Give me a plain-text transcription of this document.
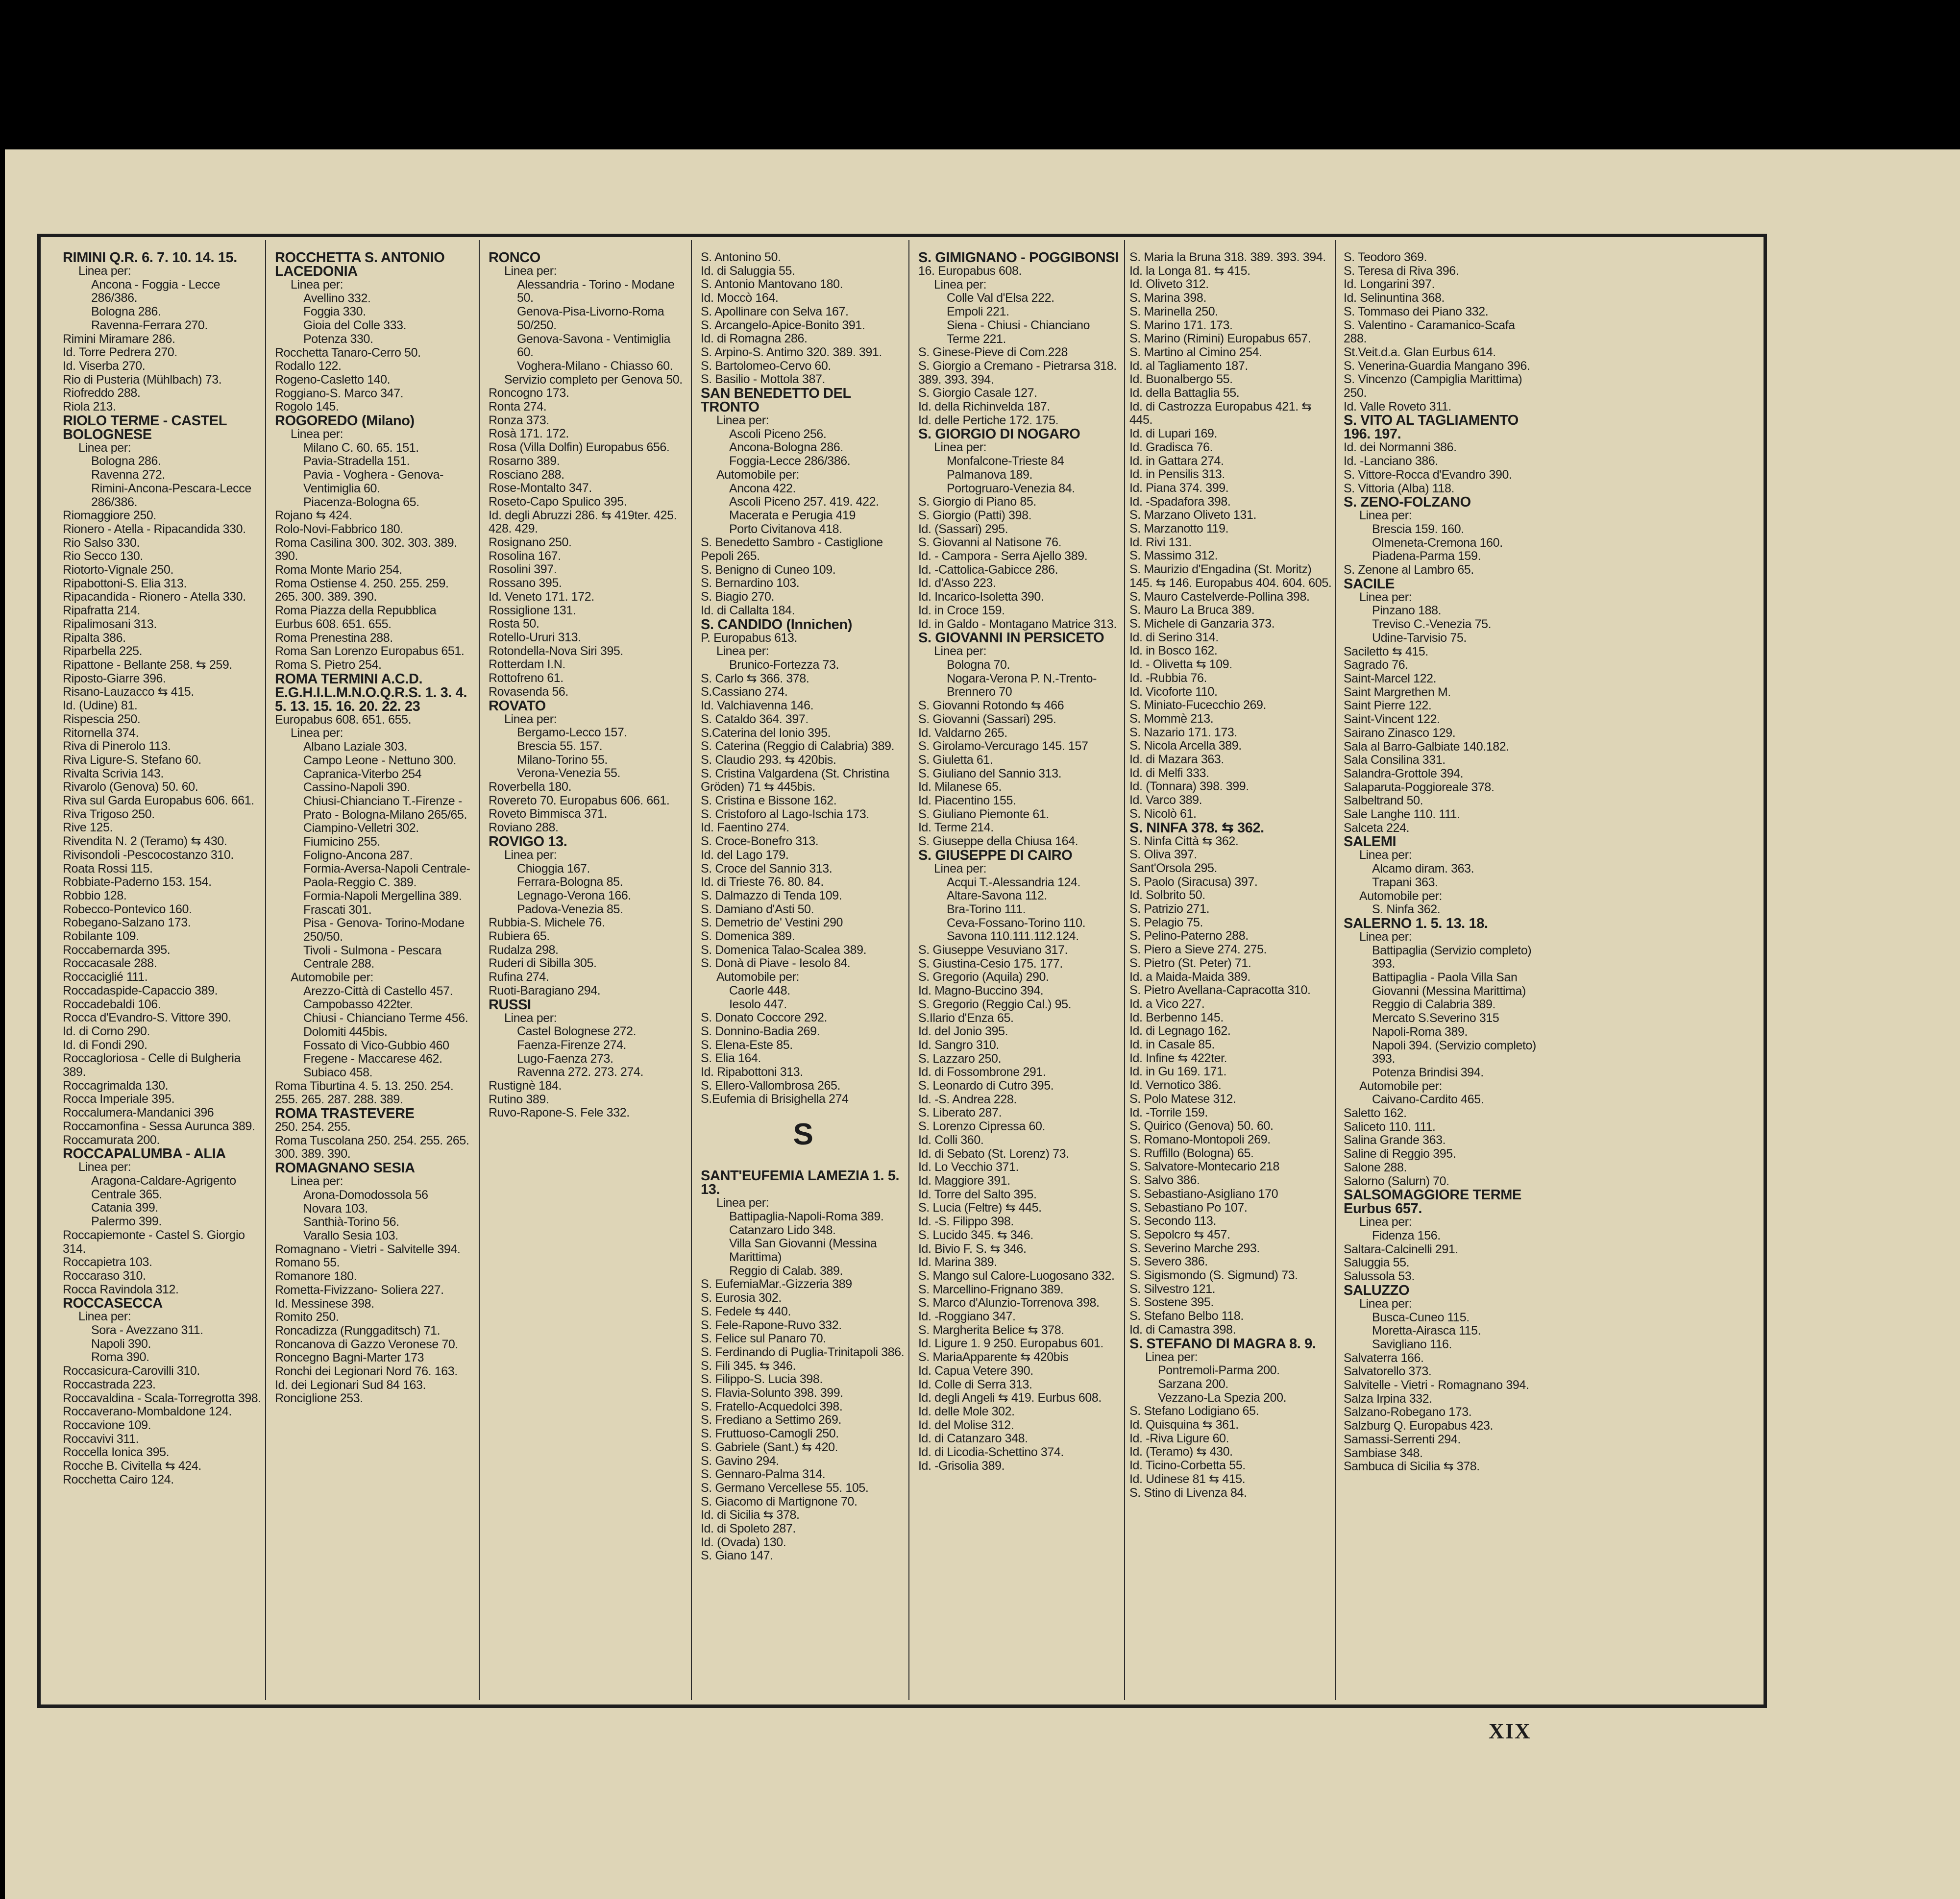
RIMINI Q.R. 6. 7. 10. 14. 15.
Linea per:
Ancona - Foggia - Lecce 286/386.
Bologna 286.
Ravenna-Ferrara 270.
Rimini Miramare 286.
Id. Torre Pedrera 270.
Id. Viserba 270.
Rio di Pusteria (Mühlbach) 73.
Riofreddo 288.
Riola 213.
RIOLO TERME - CASTEL BOLOGNESE
Linea per:
Bologna 286.
Ravenna 272.
Rimini-Ancona-Pescara-Lecce 286/386.
Riomaggiore 250.
Rionero - Atella - Ripacandida 330.
Rio Salso 330.
Rio Secco 130.
Riotorto-Vignale 250.
Ripabottoni-S. Elia 313.
Ripacandida - Rionero - Atella 330.
Ripafratta 214.
Ripalimosani 313.
Ripalta 386.
Riparbella 225.
Ripattone - Bellante 258. ⇆ 259.
Riposto-Giarre 396.
Risano-Lauzacco ⇆ 415.
Id. (Udine) 81.
Rispescia 250.
Ritornella 374.
Riva di Pinerolo 113.
Riva Ligure-S. Stefano 60.
Rivalta Scrivia 143.
Rivarolo (Genova) 50. 60.
Riva sul Garda Europabus 606. 661.
Riva Trigoso 250.
Rive 125.
Rivendita N. 2 (Teramo) ⇆ 430.
Rivisondoli -Pescocostanzo 310.
Roata Rossi 115.
Robbiate-Paderno 153. 154.
Robbio 128.
Robecco-Pontevico 160.
Robegano-Salzano 173.
Robilante 109.
Roccabernarda 395.
Roccacasale 288.
Roccaciglié 111.
Roccadaspide-Capaccio 389.
Roccadebaldi 106.
Rocca d'Evandro-S. Vittore 390.
Id. di Corno 290.
Id. di Fondi 290.
Roccagloriosa - Celle di Bulgheria 389.
Roccagrimalda 130.
Rocca Imperiale 395.
Roccalumera-Mandanici 396
Roccamonfina - Sessa Aurunca 389.
Roccamurata 200.
ROCCAPALUMBA - ALIA
Linea per:
Aragona-Caldare-Agrigento Centrale 365.
Catania 399.
Palermo 399.
Roccapiemonte - Castel S. Giorgio 314.
Roccapietra 103.
Roccaraso 310.
Rocca Ravindola 312.
ROCCASECCA
Linea per:
Sora - Avezzano 311.
Napoli 390.
Roma 390.
Roccasicura-Carovilli 310.
Roccastrada 223.
Roccavaldina - Scala-Torregrotta 398.
Roccaverano-Mombaldone 124.
Roccavione 109.
Roccavivi 311.
Roccella Ionica 395.
Rocche B. Civitella ⇆ 424.
Rocchetta Cairo 124.
ROCCHETTA S. ANTONIO LACEDONIA
Linea per:
Avellino 332.
Foggia 330.
Gioia del Colle 333.
Potenza 330.
Rocchetta Tanaro-Cerro 50.
Rodallo 122.
Rogeno-Casletto 140.
Roggiano-S. Marco 347.
Rogolo 145.
ROGOREDO (Milano)
Linea per:
Milano C. 60. 65. 151.
Pavia-Stradella 151.
Pavia - Voghera - Genova-Ventimiglia 60.
Piacenza-Bologna 65.
Rojano ⇆ 424.
Rolo-Novi-Fabbrico 180.
Roma Casilina 300. 302. 303. 389. 390.
Roma Monte Mario 254.
Roma Ostiense 4. 250. 255. 259. 265. 300. 389. 390.
Roma Piazza della Repubblica Eurbus 608. 651. 655.
Roma Prenestina 288.
Roma San Lorenzo Europabus 651.
Roma S. Pietro 254.
ROMA TERMINI A.C.D. E.G.H.I.L.M.N.O.Q.R.S. 1. 3. 4. 5. 13. 15. 16. 20. 22. 23
Europabus 608. 651. 655.
Linea per:
Albano Laziale 303.
Campo Leone - Nettuno 300.
Capranica-Viterbo 254
Cassino-Napoli 390.
Chiusi-Chianciano T.-Firenze - Prato - Bologna-Milano 265/65.
Ciampino-Velletri 302.
Fiumicino 255.
Foligno-Ancona 287.
Formia-Aversa-Napoli Centrale-Paola-Reggio C. 389.
Formia-Napoli Mergellina 389.
Frascati 301.
Pisa - Genova- Torino-Modane 250/50.
Tivoli - Sulmona - Pescara Centrale 288.
Automobile per:
Arezzo-Città di Castello 457.
Campobasso 422ter.
Chiusi - Chianciano Terme 456.
Dolomiti 445bis.
Fossato di Vico-Gubbio 460
Fregene - Maccarese 462.
Subiaco 458.
Roma Tiburtina 4. 5. 13. 250. 254. 255. 265. 287. 288. 389.
ROMA TRASTEVERE
250. 254. 255.
Roma Tuscolana 250. 254. 255. 265. 300. 389. 390.
ROMAGNANO SESIA
Linea per:
Arona-Domodossola 56
Novara 103.
Santhià-Torino 56.
Varallo Sesia 103.
Romagnano - Vietri - Salvitelle 394.
Romano 55.
Romanore 180.
Rometta-Fivizzano- Soliera 227.
Id. Messinese 398.
Romito 250.
Roncadizza (Runggaditsch) 71.
Roncanova di Gazzo Veronese 70.
Roncegno Bagni-Marter 173
Ronchi dei Legionari Nord 76. 163.
Id. dei Legionari Sud 84 163.
Ronciglione 253.
RONCO
Linea per:
Alessandria - Torino - Modane 50.
Genova-Pisa-Livorno-Roma 50/250.
Genova-Savona - Ventimiglia 60.
Voghera-Milano - Chiasso 60.
Servizio completo per Genova 50.
Roncogno 173.
Ronta 274.
Ronza 373.
Rosà 171. 172.
Rosa (Villa Dolfin) Europabus 656.
Rosarno 389.
Rosciano 288.
Rose-Montalto 347.
Roseto-Capo Spulico 395.
Id. degli Abruzzi 286. ⇆ 419ter. 425. 428. 429.
Rosignano 250.
Rosolina 167.
Rosolini 397.
Rossano 395.
Id. Veneto 171. 172.
Rossiglione 131.
Rosta 50.
Rotello-Ururi 313.
Rotondella-Nova Siri 395.
Rotterdam I.N.
Rottofreno 61.
Rovasenda 56.
ROVATO
Linea per:
Bergamo-Lecco 157.
Brescia 55. 157.
Milano-Torino 55.
Verona-Venezia 55.
Roverbella 180.
Rovereto 70. Europabus 606. 661.
Roveto Bimmisca 371.
Roviano 288.
ROVIGO 13.
Linea per:
Chioggia 167.
Ferrara-Bologna 85.
Legnago-Verona 166.
Padova-Venezia 85.
Rubbia-S. Michele 76.
Rubiera 65.
Rudalza 298.
Ruderi di Sibilla 305.
Rufina 274.
Ruoti-Baragiano 294.
RUSSI
Linea per:
Castel Bolognese 272.
Faenza-Firenze 274.
Lugo-Faenza 273.
Ravenna 272. 273. 274.
Rustignè 184.
Rutino 389.
Ruvo-Rapone-S. Fele 332.
S. Antonino 50.
Id. di Saluggia 55.
S. Antonio Mantovano 180.
Id. Moccò 164.
S. Apollinare con Selva 167.
S. Arcangelo-Apice-Bonito 391.
Id. di Romagna 286.
S. Arpino-S. Antimo 320. 389. 391.
S. Bartolomeo-Cervo 60.
S. Basilio - Mottola 387.
SAN BENEDETTO DEL TRONTO
Linea per:
Ascoli Piceno 256.
Ancona-Bologna 286.
Foggia-Lecce 286/386.
Automobile per:
Ancona 422.
Ascoli Piceno 257. 419. 422.
Macerata e Perugia 419
Porto Civitanova 418.
S. Benedetto Sambro - Castiglione Pepoli 265.
S. Benigno di Cuneo 109.
S. Bernardino 103.
S. Biagio 270.
Id. di Callalta 184.
S. CANDIDO (Innichen)
P. Europabus 613.
Linea per:
Brunico-Fortezza 73.
S. Carlo ⇆ 366. 378.
S.Cassiano 274.
Id. Valchiavenna 146.
S. Cataldo 364. 397.
S.Caterina del Ionio 395.
S. Caterina (Reggio di Calabria) 389.
S. Claudio 293. ⇆ 420bis.
S. Cristina Valgardena (St. Christina Gröden) 71 ⇆ 445bis.
S. Cristina e Bissone 162.
S. Cristoforo al Lago-Ischia 173.
Id. Faentino 274.
S. Croce-Bonefro 313.
Id. del Lago 179.
S. Croce del Sannio 313.
Id. di Trieste 76. 80. 84.
S. Dalmazzo di Tenda 109.
S. Damiano d'Asti 50.
S. Demetrio de' Vestini 290
S. Domenica 389.
S. Domenica Talao-Scalea 389.
S. Donà di Piave - Iesolo 84.
Automobile per:
Caorle 448.
Iesolo 447.
S. Donato Coccore 292.
S. Donnino-Badia 269.
S. Elena-Este 85.
S. Elia 164.
Id. Ripabottoni 313.
S. Ellero-Vallombrosa 265.
S.Eufemia di Brisighella 274
S
SANT'EUFEMIA LAMEZIA 1. 5. 13.
Linea per:
Battipaglia-Napoli-Roma 389.
Catanzaro Lido 348.
Villa San Giovanni (Messina Marittima)
Reggio di Calab. 389.
S. EufemiaMar.-Gizzeria 389
S. Eurosia 302.
S. Fedele ⇆ 440.
S. Fele-Rapone-Ruvo 332.
S. Felice sul Panaro 70.
S. Ferdinando di Puglia-Trinitapoli 386.
S. Fili 345. ⇆ 346.
S. Filippo-S. Lucia 398.
S. Flavia-Solunto 398. 399.
S. Fratello-Acquedolci 398.
S. Frediano a Settimo 269.
S. Fruttuoso-Camogli 250.
S. Gabriele (Sant.) ⇆ 420.
S. Gavino 294.
S. Gennaro-Palma 314.
S. Germano Vercellese 55. 105.
S. Giacomo di Martignone 70.
Id. di Sicilia ⇆ 378.
Id. di Spoleto 287.
Id. (Ovada) 130.
S. Giano 147.
S. GIMIGNANO - POGGIBONSI
16. Europabus 608.
Linea per:
Colle Val d'Elsa 222.
Empoli 221.
Siena - Chiusi - Chianciano Terme 221.
S. Ginese-Pieve di Com.228
S. Giorgio a Cremano - Pietrarsa 318. 389. 393. 394.
S. Giorgio Casale 127.
Id. della Richinvelda 187.
Id. delle Pertiche 172. 175.
S. GIORGIO DI NOGARO
Linea per:
Monfalcone-Trieste 84
Palmanova 189.
Portogruaro-Venezia 84.
S. Giorgio di Piano 85.
S. Giorgio (Patti) 398.
Id. (Sassari) 295.
S. Giovanni al Natisone 76.
Id. - Campora - Serra Ajello 389.
Id. -Cattolica-Gabicce 286.
Id. d'Asso 223.
Id. Incarico-Isoletta 390.
Id. in Croce 159.
Id. in Galdo - Montagano Matrice 313.
S. GIOVANNI IN PERSICETO
Linea per:
Bologna 70.
Nogara-Verona P. N.-Trento-Brennero 70
S. Giovanni Rotondo ⇆ 466
S. Giovanni (Sassari) 295.
Id. Valdarno 265.
S. Girolamo-Vercurago 145. 157
S. Giuletta 61.
S. Giuliano del Sannio 313.
Id. Milanese 65.
Id. Piacentino 155.
S. Giuliano Piemonte 61.
Id. Terme 214.
S. Giuseppe della Chiusa 164.
S. GIUSEPPE DI CAIRO
Linea per:
Acqui T.-Alessandria 124.
Altare-Savona 112.
Bra-Torino 111.
Ceva-Fossano-Torino 110.
Savona 110.111.112.124.
S. Giuseppe Vesuviano 317.
S. Giustina-Cesio 175. 177.
S. Gregorio (Aquila) 290.
Id. Magno-Buccino 394.
S. Gregorio (Reggio Cal.) 95.
S.Ilario d'Enza 65.
Id. del Jonio 395.
Id. Sangro 310.
S. Lazzaro 250.
Id. di Fossombrone 291.
S. Leonardo di Cutro 395.
Id. -S. Andrea 228.
S. Liberato 287.
S. Lorenzo Cipressa 60.
Id. Colli 360.
Id. di Sebato (St. Lorenz) 73.
Id. Lo Vecchio 371.
Id. Maggiore 391.
Id. Torre del Salto 395.
S. Lucia (Feltre) ⇆ 445.
Id. -S. Filippo 398.
S. Lucido 345. ⇆ 346.
Id. Bivio F. S. ⇆ 346.
Id. Marina 389.
S. Mango sul Calore-Luogosano 332.
S. Marcellino-Frignano 389.
S. Marco d'Alunzio-Torrenova 398.
Id. -Roggiano 347.
S. Margherita Belice ⇆ 378.
Id. Ligure 1. 9 250. Europabus 601.
S. MariaApparente ⇆ 420bis
Id. Capua Vetere 390.
Id. Colle di Serra 313.
Id. degli Angeli ⇆ 419. Eurbus 608.
Id. delle Mole 302.
Id. del Molise 312.
Id. di Catanzaro 348.
Id. di Licodia-Schettino 374.
Id. -Grisolia 389.
S. Maria la Bruna 318. 389. 393. 394.
Id. la Longa 81. ⇆ 415.
Id. Oliveto 312.
S. Marina 398.
S. Marinella 250.
S. Marino 171. 173.
S. Marino (Rimini) Europabus 657.
S. Martino al Cimino 254.
Id. al Tagliamento 187.
Id. Buonalbergo 55.
Id. della Battaglia 55.
Id. di Castrozza Europabus 421. ⇆ 445.
Id. di Lupari 169.
Id. Gradisca 76.
Id. in Gattara 274.
Id. in Pensilis 313.
Id. Piana 374. 399.
Id. -Spadafora 398.
S. Marzano Oliveto 131.
S. Marzanotto 119.
Id. Rivi 131.
S. Massimo 312.
S. Maurizio d'Engadina (St. Moritz) 145. ⇆ 146. Europabus 404. 604. 605.
S. Mauro Castelverde-Pollina 398.
S. Mauro La Bruca 389.
S. Michele di Ganzaria 373.
Id. di Serino 314.
Id. in Bosco 162.
Id. - Olivetta ⇆ 109.
Id. -Rubbia 76.
Id. Vicoforte 110.
S. Miniato-Fucecchio 269.
S. Mommè 213.
S. Nazario 171. 173.
S. Nicola Arcella 389.
Id. di Mazara 363.
Id. di Melfi 333.
Id. (Tonnara) 398. 399.
Id. Varco 389.
S. Nicolò 61.
S. NINFA 378. ⇆ 362.
S. Ninfa Città ⇆ 362.
S. Oliva 397.
Sant'Orsola 295.
S. Paolo (Siracusa) 397.
Id. Solbrito 50.
S. Patrizio 271.
S. Pelagio 75.
S. Pelino-Paterno 288.
S. Piero a Sieve 274. 275.
S. Pietro (St. Peter) 71.
Id. a Maida-Maida 389.
S. Pietro Avellana-Capracotta 310.
Id. a Vico 227.
Id. Berbenno 145.
Id. di Legnago 162.
Id. in Casale 85.
Id. Infine ⇆ 422ter.
Id. in Gu 169. 171.
Id. Vernotico 386.
S. Polo Matese 312.
Id. -Torrile 159.
S. Quirico (Genova) 50. 60.
S. Romano-Montopoli 269.
S. Ruffillo (Bologna) 65.
S. Salvatore-Montecario 218
S. Salvo 386.
S. Sebastiano-Asigliano 170
S. Sebastiano Po 107.
S. Secondo 113.
S. Sepolcro ⇆ 457.
S. Severino Marche 293.
S. Severo 386.
S. Sigismondo (S. Sigmund) 73.
S. Silvestro 121.
S. Sostene 395.
S. Stefano Belbo 118.
Id. di Camastra 398.
S. STEFANO DI MAGRA 8. 9.
Linea per:
Pontremoli-Parma 200.
Sarzana 200.
Vezzano-La Spezia 200.
S. Stefano Lodigiano 65.
Id. Quisquina ⇆ 361.
Id. -Riva Ligure 60.
Id. (Teramo) ⇆ 430.
Id. Ticino-Corbetta 55.
Id. Udinese 81 ⇆ 415.
S. Stino di Livenza 84.
S. Teodoro 369.
S. Teresa di Riva 396.
Id. Longarini 397.
Id. Selinuntina 368.
S. Tommaso dei Piano 332.
S. Valentino - Caramanico-Scafa 288.
St.Veit.d.a. Glan Eurbus 614.
S. Venerina-Guardia Mangano 396.
S. Vincenzo (Campiglia Marittima) 250.
Id. Valle Roveto 311.
S. VITO AL TAGLIAMENTO 196. 197.
Id. dei Normanni 386.
Id. -Lanciano 386.
S. Vittore-Rocca d'Evandro 390.
S. Vittoria (Alba) 118.
S. ZENO-FOLZANO
Linea per:
Brescia 159. 160.
Olmeneta-Cremona 160.
Piadena-Parma 159.
S. Zenone al Lambro 65.
SACILE
Linea per:
Pinzano 188.
Treviso C.-Venezia 75.
Udine-Tarvisio 75.
Saciletto ⇆ 415.
Sagrado 76.
Saint-Marcel 122.
Saint Margrethen M.
Saint Pierre 122.
Saint-Vincent 122.
Sairano Zinasco 129.
Sala al Barro-Galbiate 140.182.
Sala Consilina 331.
Salandra-Grottole 394.
Salaparuta-Poggioreale 378.
Salbeltrand 50.
Sale Langhe 110. 111.
Salceta 224.
SALEMI
Linea per:
Alcamo diram. 363.
Trapani 363.
Automobile per:
S. Ninfa 362.
SALERNO 1. 5. 13. 18.
Linea per:
Battipaglia (Servizio completo) 393.
Battipaglia - Paola Villa San Giovanni (Messina Marittima) Reggio di Calabria 389.
Mercato S.Severino 315
Napoli-Roma 389.
Napoli 394. (Servizio completo) 393.
Potenza Brindisi 394.
Automobile per:
Caivano-Cardito 465.
Saletto 162.
Saliceto 110. 111.
Salina Grande 363.
Saline di Reggio 395.
Salone 288.
Salorno (Salurn) 70.
SALSOMAGGIORE TERME Eurbus 657.
Linea per:
Fidenza 156.
Saltara-Calcinelli 291.
Saluggia 55.
Salussola 53.
SALUZZO
Linea per:
Busca-Cuneo 115.
Moretta-Airasca 115.
Savigliano 116.
Salvaterra 166.
Salvatorello 373.
Salvitelle - Vietri - Romagnano 394.
Salza Irpina 332.
Salzano-Robegano 173.
Salzburg Q. Europabus 423.
Samassi-Serrenti 294.
Sambiase 348.
Sambuca di Sicilia ⇆ 378.
XIX
